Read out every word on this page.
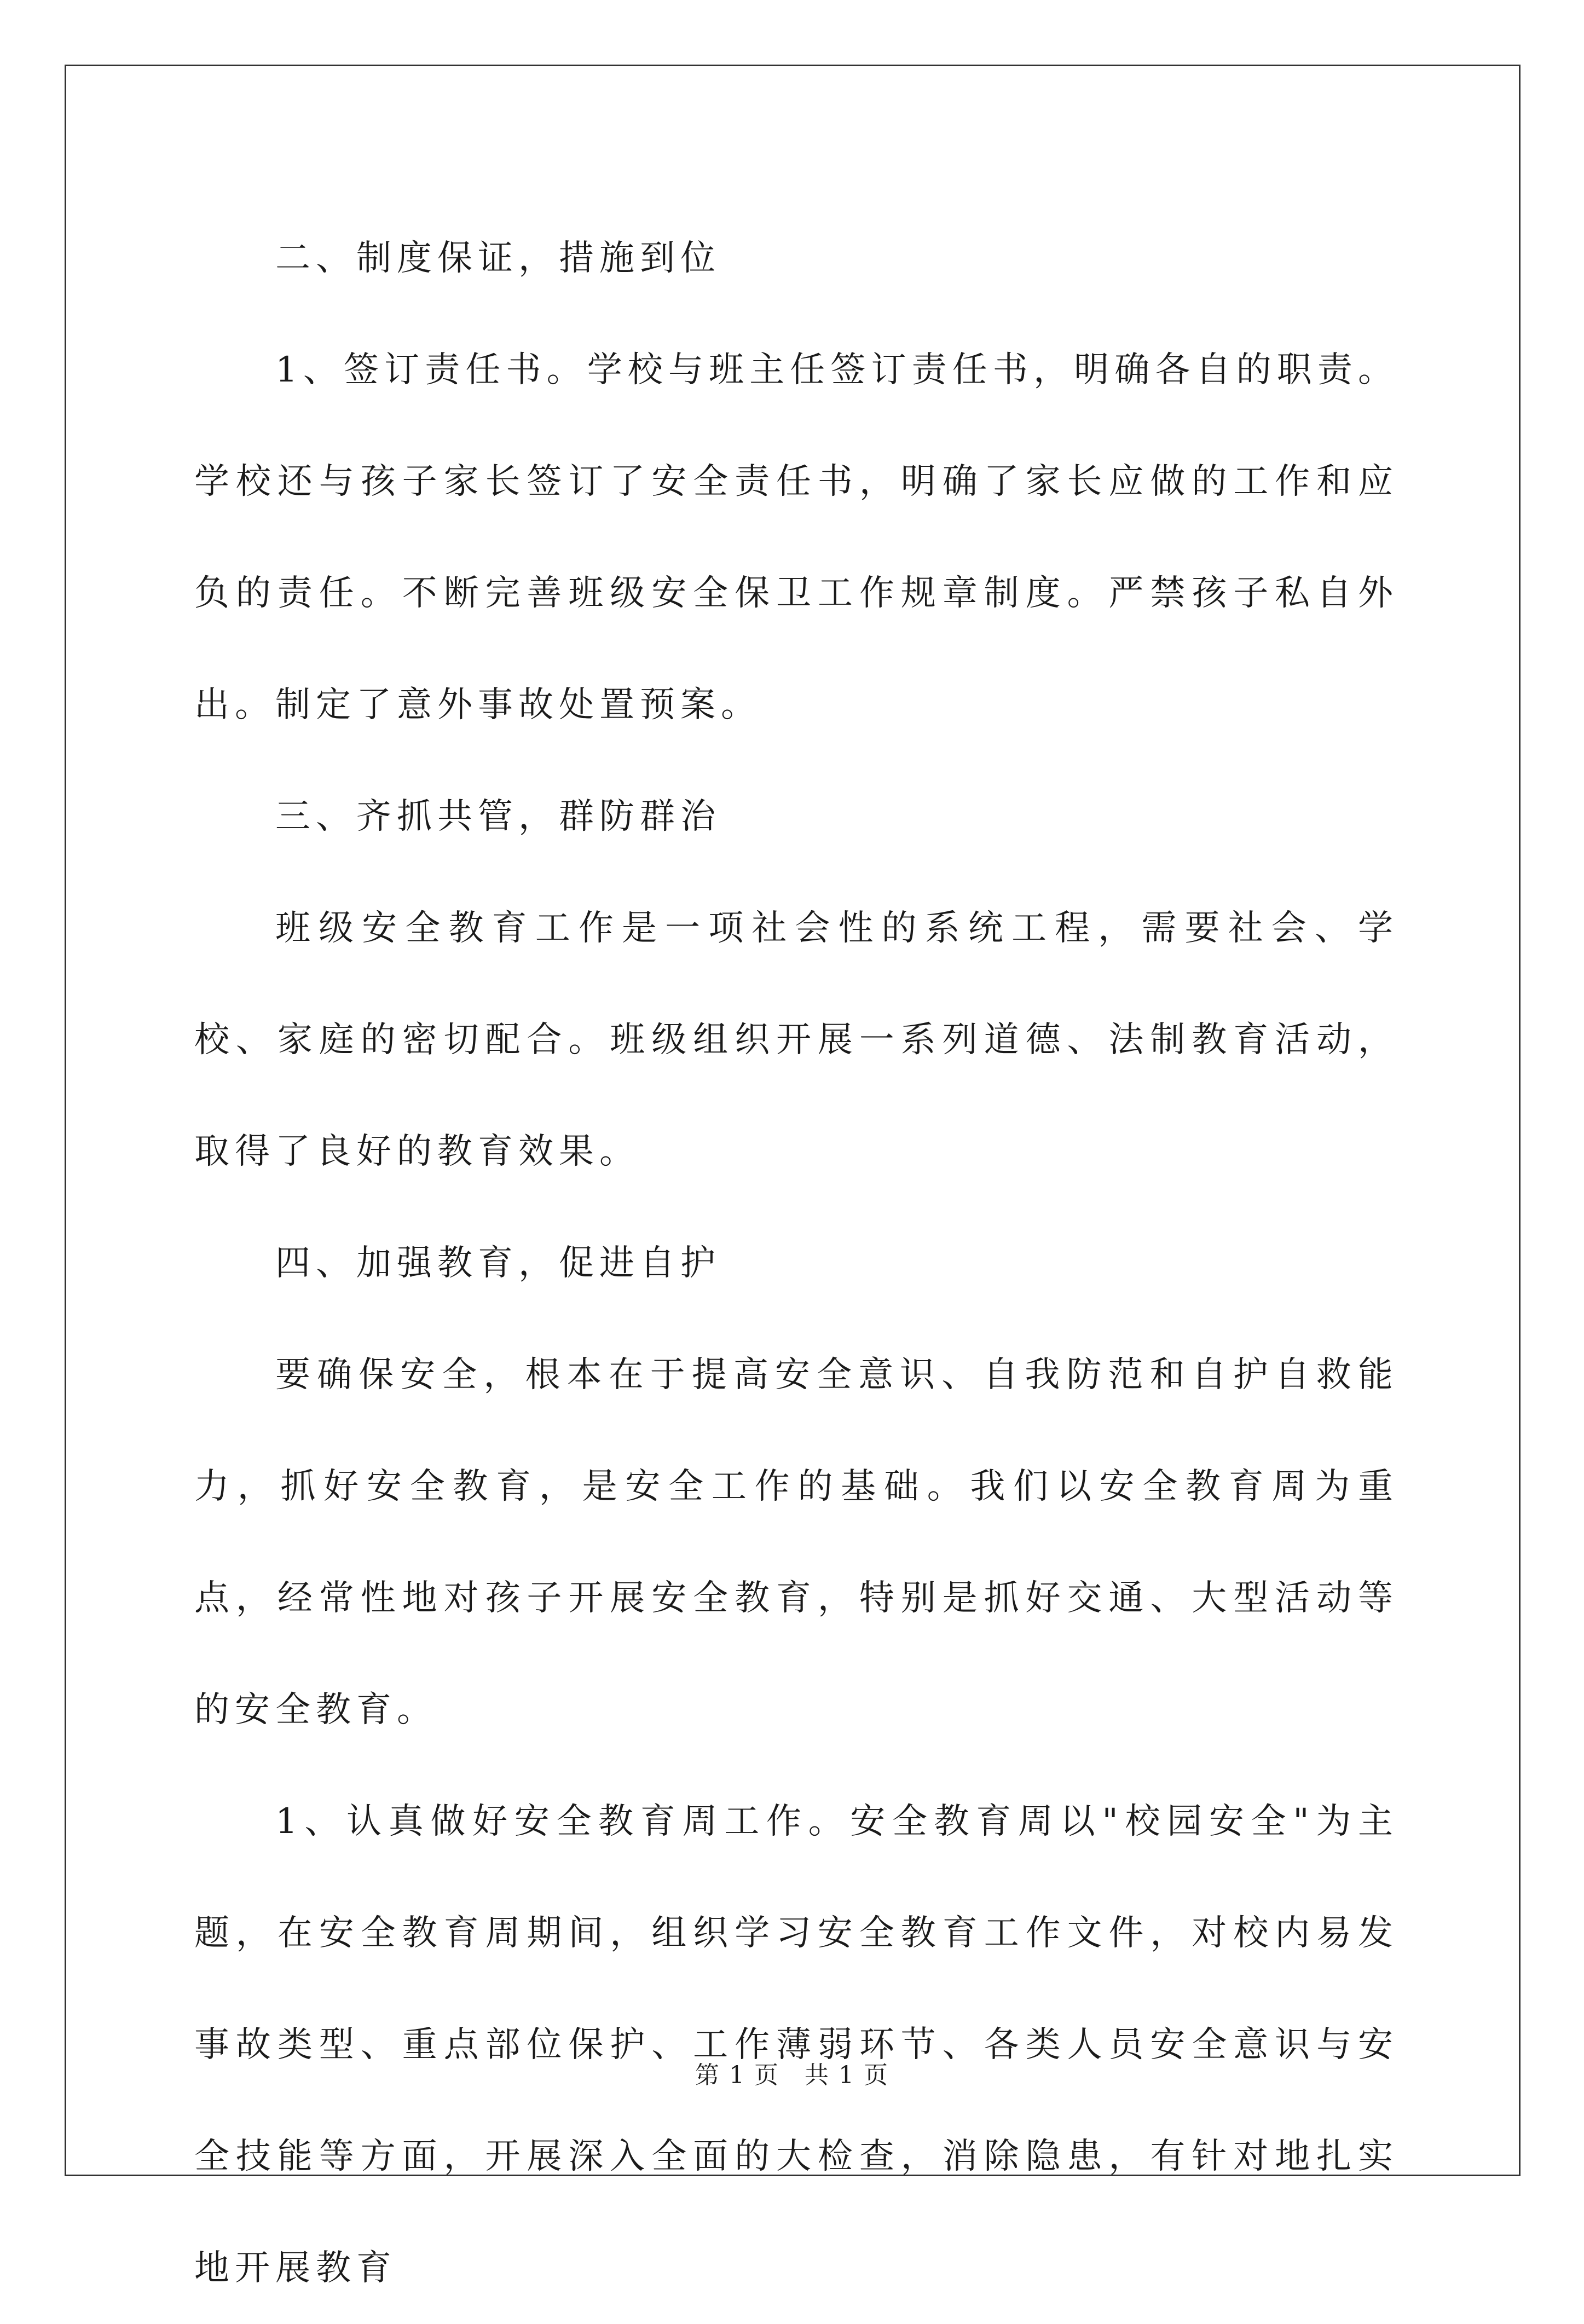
二、制度保证，措施到位

1、签订责任书。学校与班主任签订责任书，明确各自的职责。学校还与孩子家长签订了安全责任书，明确了家长应做的工作和应负的责任。不断完善班级安全保卫工作规章制度。严禁孩子私自外出。制定了意外事故处置预案。

三、齐抓共管，群防群治

班级安全教育工作是一项社会性的系统工程，需要社会、学校、家庭的密切配合。班级组织开展一系列道德、法制教育活动，取得了良好的教育效果。

四、加强教育，促进自护

要确保安全，根本在于提高安全意识、自我防范和自护自救能力，抓好安全教育，是安全工作的基础。我们以安全教育周为重点，经常性地对孩子开展安全教育，特别是抓好交通、大型活动等的安全教育。

1、认真做好安全教育周工作。安全教育周以"校园安全"为主题，在安全教育周期间，组织学习安全教育工作文件，对校内易发事故类型、重点部位保护、工作薄弱环节、各类人员安全意识与安全技能等方面，开展深入全面的大检查，消除隐患，有针对地扎实地开展教育

第 1 页　共 1 页
